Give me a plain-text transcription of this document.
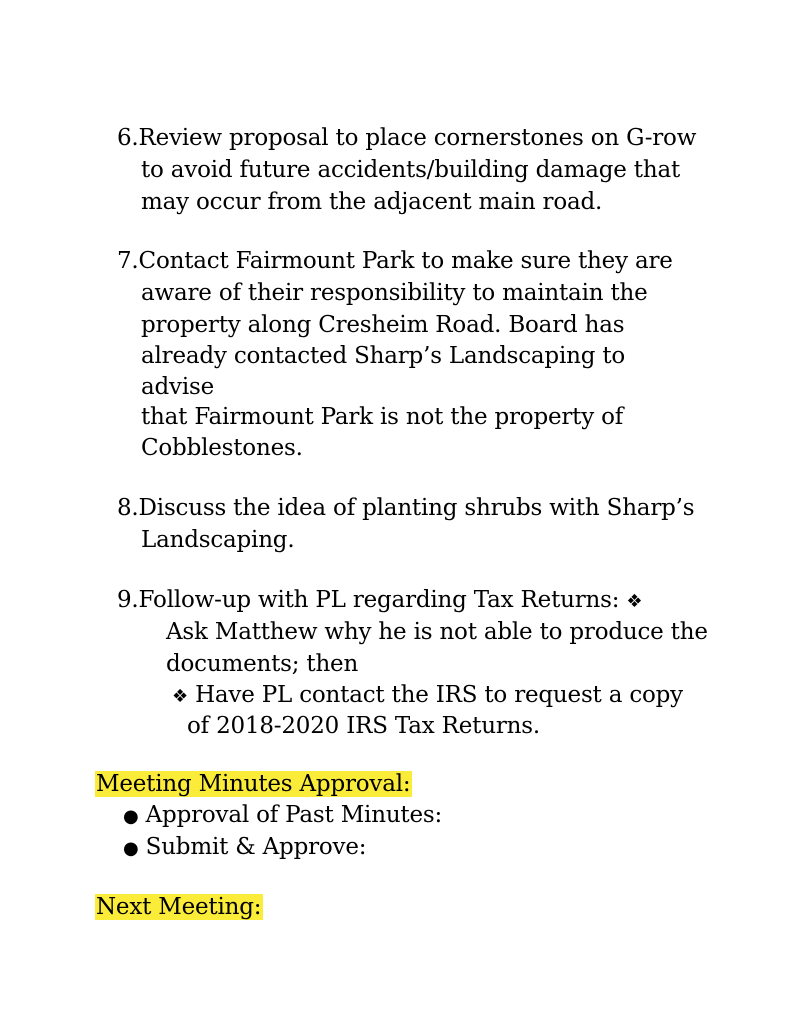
6.Review proposal to place cornerstones on G-row
to avoid future accidents/building damage that
may occur from the adjacent main road.
7.Contact Fairmount Park to make sure they are
aware of their responsibility to maintain the
property along Cresheim Road. Board has
already contacted Sharp’s Landscaping to
advise
that Fairmount Park is not the property of
Cobblestones.
8.Discuss the idea of planting shrubs with Sharp’s
Landscaping.
9.Follow-up with PL regarding Tax Returns: ❖
Ask Matthew why he is not able to produce the
documents; then
❖ Have PL contact the IRS to request a copy
of 2018-2020 IRS Tax Returns.
Meeting Minutes Approval:
● Approval of Past Minutes:
● Submit & Approve:
Next Meeting:
